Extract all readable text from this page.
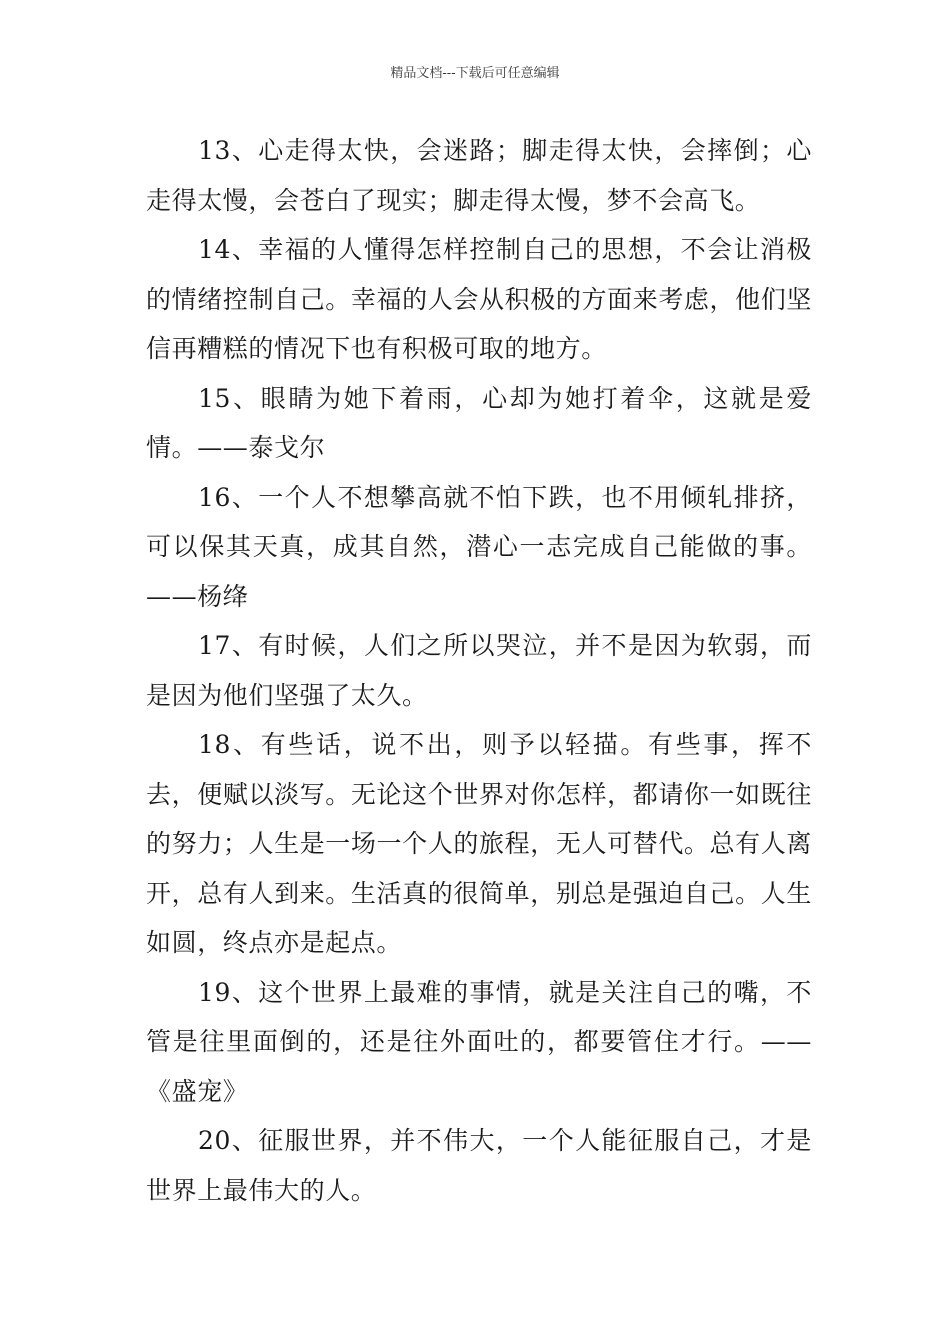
精品文档---下载后可任意编辑

13、心走得太快，会迷路；脚走得太快，会摔倒；心走得太慢，会苍白了现实；脚走得太慢，梦不会高飞。

14、幸福的人懂得怎样控制自己的思想，不会让消极的情绪控制自己。幸福的人会从积极的方面来考虑，他们坚信再糟糕的情况下也有积极可取的地方。

15、眼睛为她下着雨，心却为她打着伞，这就是爱情。——泰戈尔

16、一个人不想攀高就不怕下跌，也不用倾轧排挤，可以保其天真，成其自然，潜心一志完成自己能做的事。——杨绛

17、有时候，人们之所以哭泣，并不是因为软弱，而是因为他们坚强了太久。

18、有些话，说不出，则予以轻描。有些事，挥不去，便赋以淡写。无论这个世界对你怎样，都请你一如既往的努力；人生是一场一个人的旅程，无人可替代。总有人离开，总有人到来。生活真的很简单，别总是强迫自己。人生如圆，终点亦是起点。

19、这个世界上最难的事情，就是关注自己的嘴，不管是往里面倒的，还是往外面吐的，都要管住才行。——《盛宠》

20、征服世界，并不伟大，一个人能征服自己，才是世界上最伟大的人。
